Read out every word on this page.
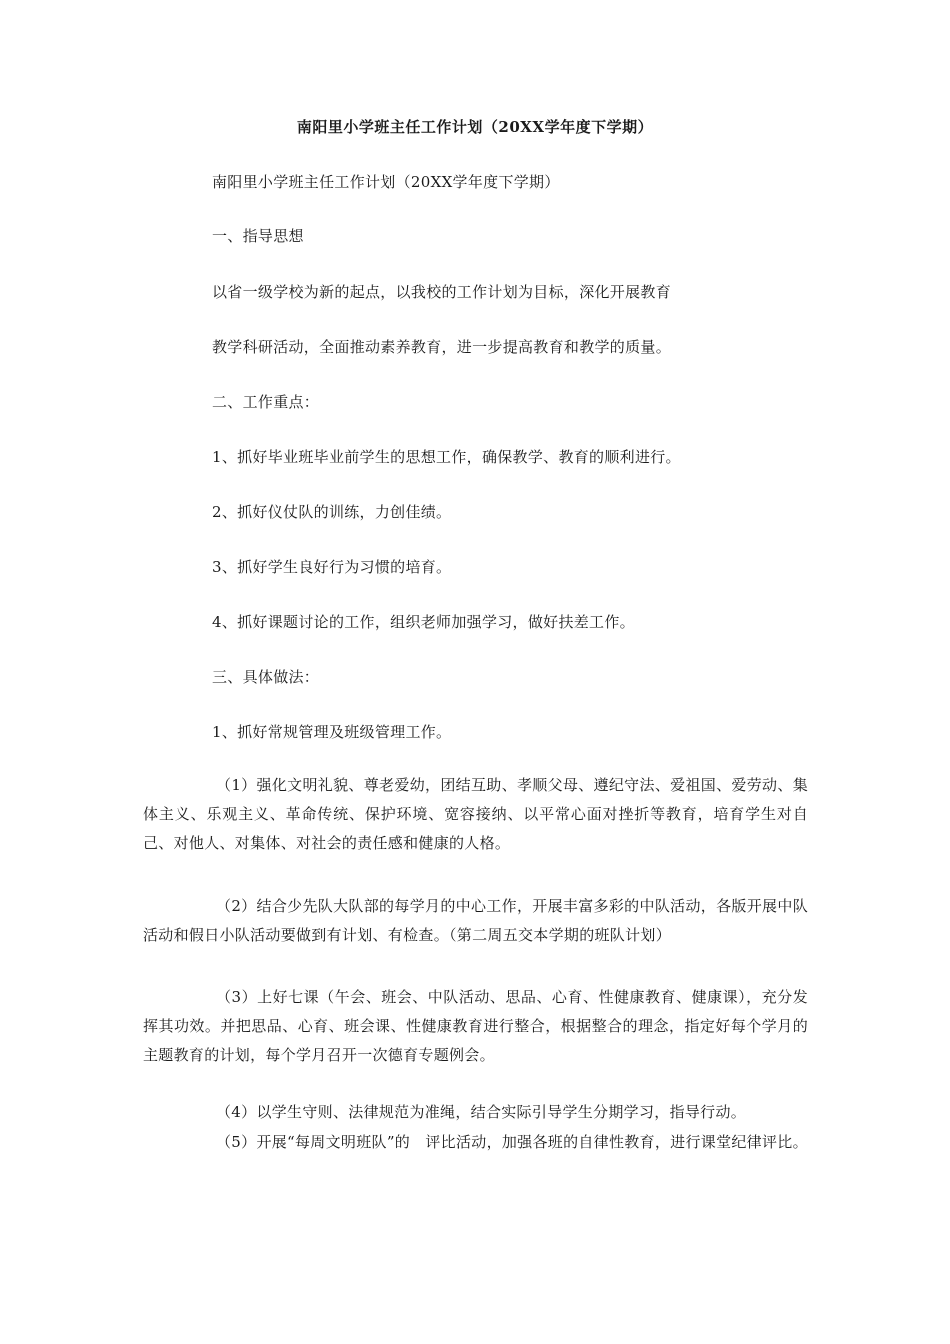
南阳里小学班主任工作计划（20XX学年度下学期）
南阳里小学班主任工作计划（20XX学年度下学期）
一、指导思想
以省一级学校为新的起点，以我校的工作计划为目标，深化开展教育
教学科研活动，全面推动素养教育，进一步提高教育和教学的质量。
二、工作重点：
1、抓好毕业班毕业前学生的思想工作，确保教学、教育的顺利进行。
2、抓好仪仗队的训练，力创佳绩。
3、抓好学生良好行为习惯的培育。
4、抓好课题讨论的工作，组织老师加强学习，做好扶差工作。
三、具体做法：
1、抓好常规管理及班级管理工作。
（1）强化文明礼貌、尊老爱幼，团结互助、孝顺父母、遵纪守法、爱祖国、爱劳动、集体主义、乐观主义、革命传统、保护环境、宽容接纳、以平常心面对挫折等教育，培育学生对自己、对他人、对集体、对社会的责任感和健康的人格。
（2）结合少先队大队部的每学月的中心工作，开展丰富多彩的中队活动，各版开展中队活动和假日小队活动要做到有计划、有检查。（第二周五交本学期的班队计划）
（3）上好七课（午会、班会、中队活动、思品、心育、性健康教育、健康课），充分发挥其功效。并把思品、心育、班会课、性健康教育进行整合，根据整合的理念，指定好每个学月的主题教育的计划，每个学月召开一次德育专题例会。
（4）以学生守则、法律规范为准绳，结合实际引导学生分期学习，指导行动。
（5）开展“每周文明班队”的　评比活动，加强各班的自律性教育，进行课堂纪律评比。
